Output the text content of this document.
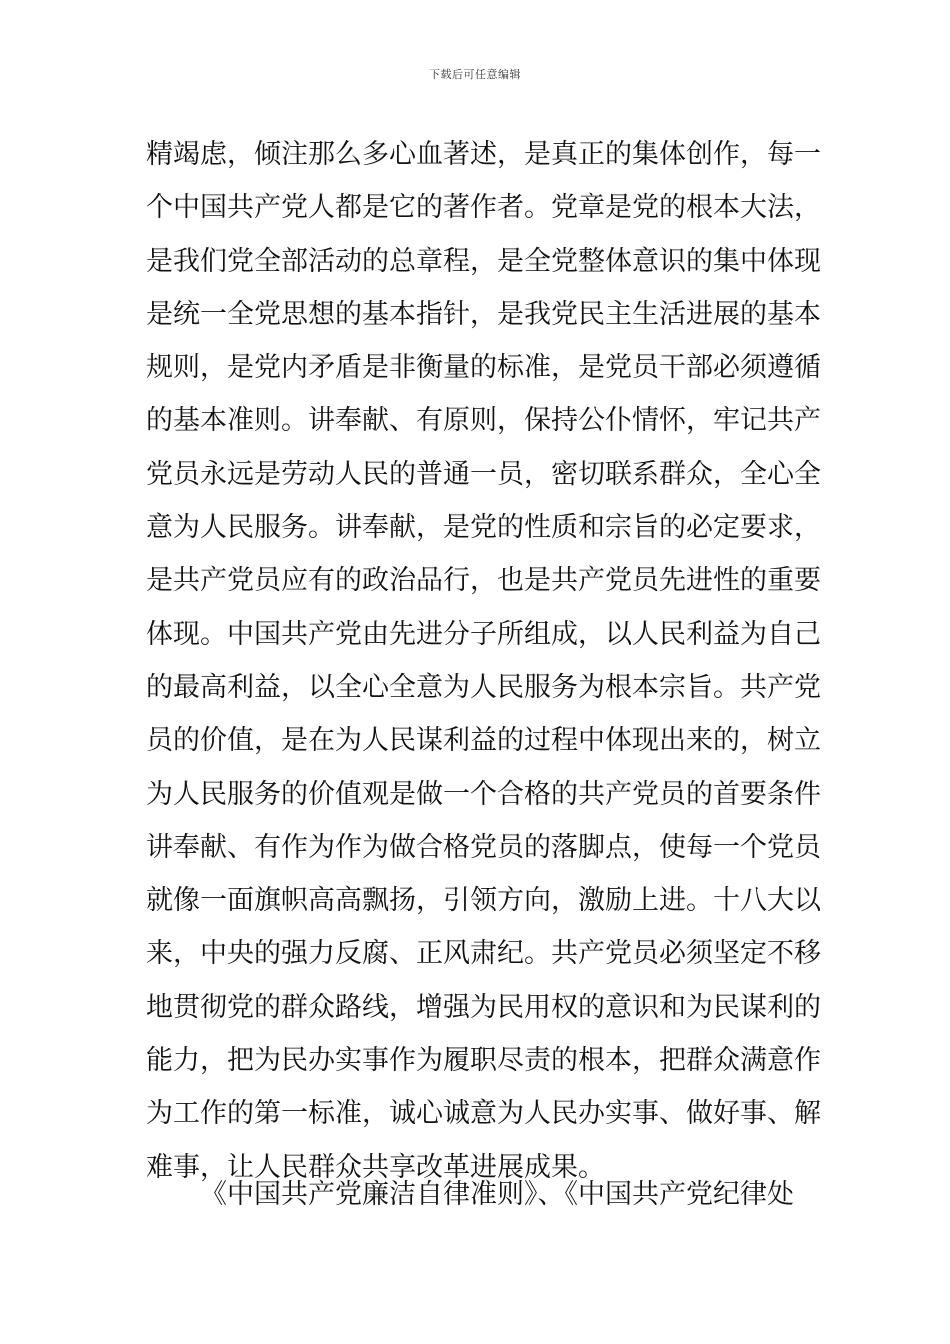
下载后可任意编辑
精竭虑，倾注那么多心血著述，是真正的集体创作，每一
个中国共产党人都是它的著作者。党章是党的根本大法，
是我们党全部活动的总章程，是全党整体意识的集中体现
是统一全党思想的基本指针，是我党民主生活进展的基本
规则，是党内矛盾是非衡量的标准，是党员干部必须遵循
的基本准则。讲奉献、有原则，保持公仆情怀，牢记共产
党员永远是劳动人民的普通一员，密切联系群众，全心全
意为人民服务。讲奉献，是党的性质和宗旨的必定要求，
是共产党员应有的政治品行，也是共产党员先进性的重要
体现。中国共产党由先进分子所组成，以人民利益为自己
的最高利益，以全心全意为人民服务为根本宗旨。共产党
员的价值，是在为人民谋利益的过程中体现出来的，树立
为人民服务的价值观是做一个合格的共产党员的首要条件
讲奉献、有作为作为做合格党员的落脚点，使每一个党员
就像一面旗帜高高飘扬，引领方向，激励上进。十八大以
来，中央的强力反腐、正风肃纪。共产党员必须坚定不移
地贯彻党的群众路线，增强为民用权的意识和为民谋利的
能力，把为民办实事作为履职尽责的根本，把群众满意作
为工作的第一标准，诚心诚意为人民办实事、做好事、解
难事，让人民群众共享改革进展成果。
《中国共产党廉洁自律准则》、《中国共产党纪律处
